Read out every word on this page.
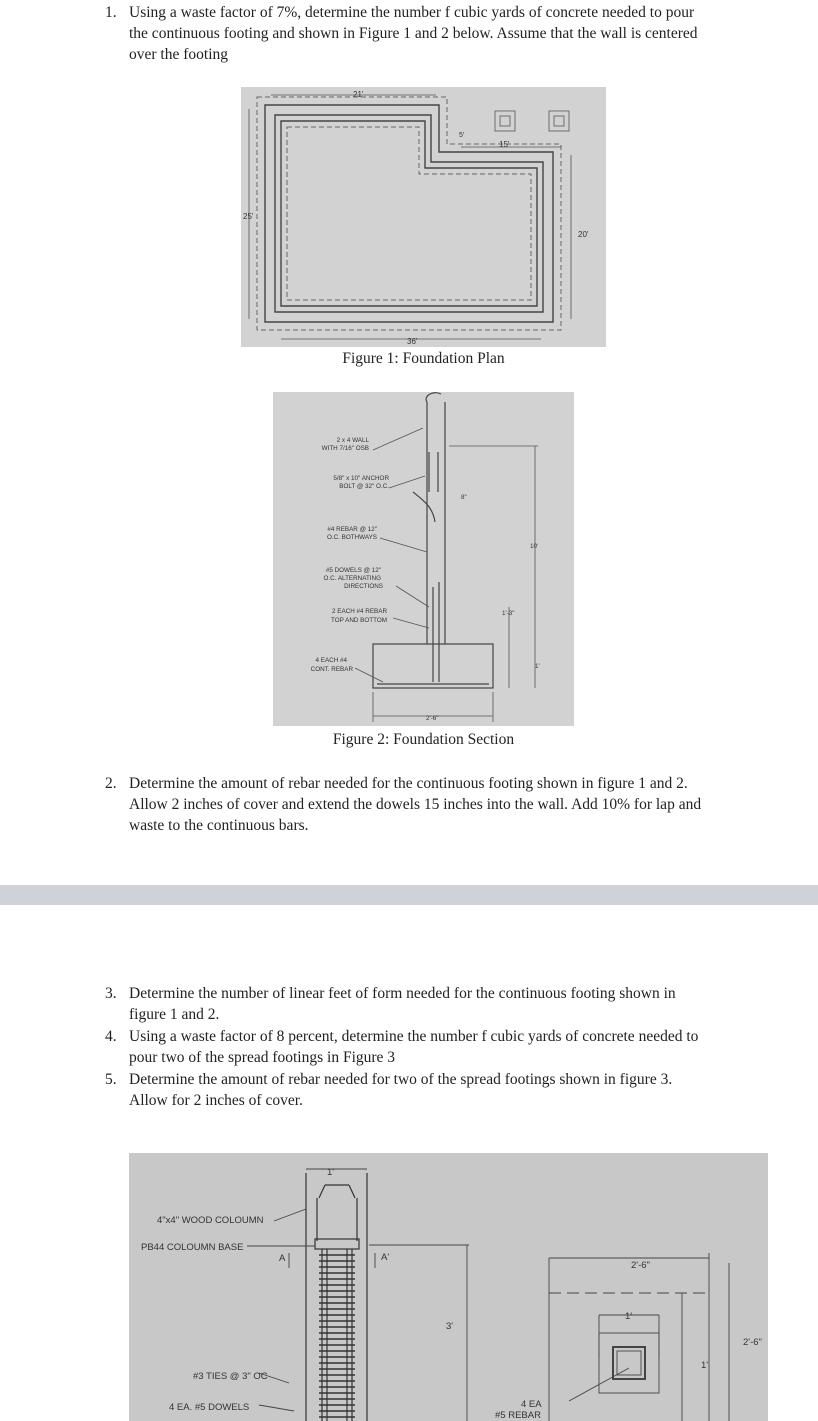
1. Using a waste factor of 7%, determine the number f cubic yards of concrete needed to pour
the continuous footing and shown in Figure 1 and 2 below. Assume that the wall is centered
over the footing
21'
25'
20'
36'
5'
15'
Figure 1: Foundation Plan
2 x 4 WALL
WITH 7/16" OSB
5/8" x 10" ANCHOR
BOLT @ 32" O.C.
#4 REBAR @ 12"
O.C. BOTHWAYS
#5 DOWELS @ 12"
O.C. ALTERNATING
DIRECTIONS
2 EACH #4 REBAR
TOP AND BOTTOM
4 EACH #4
CONT. REBAR
8"
10'
1'-3"
1'
2'-6"
Figure 2: Foundation Section
2. Determine the amount of rebar needed for the continuous footing shown in figure 1 and 2.
Allow 2 inches of cover and extend the dowels 15 inches into the wall. Add 10% for lap and
waste to the continuous bars.
3. Determine the number of linear feet of form needed for the continuous footing shown in
figure 1 and 2.
4. Using a waste factor of 8 percent, determine the number f cubic yards of concrete needed to
pour two of the spread footings in Figure 3
5. Determine the amount of rebar needed for two of the spread footings shown in figure 3.
Allow for 2 inches of cover.
1'
4"x4" WOOD COLOUMN
PB44 COLOUMN BASE
A	A'
3'
2'-6"
1'
2'-6"
1'
#3 TIES @ 3" OC
4 EA. #5 DOWELS	4 EA
#5 REBAR
